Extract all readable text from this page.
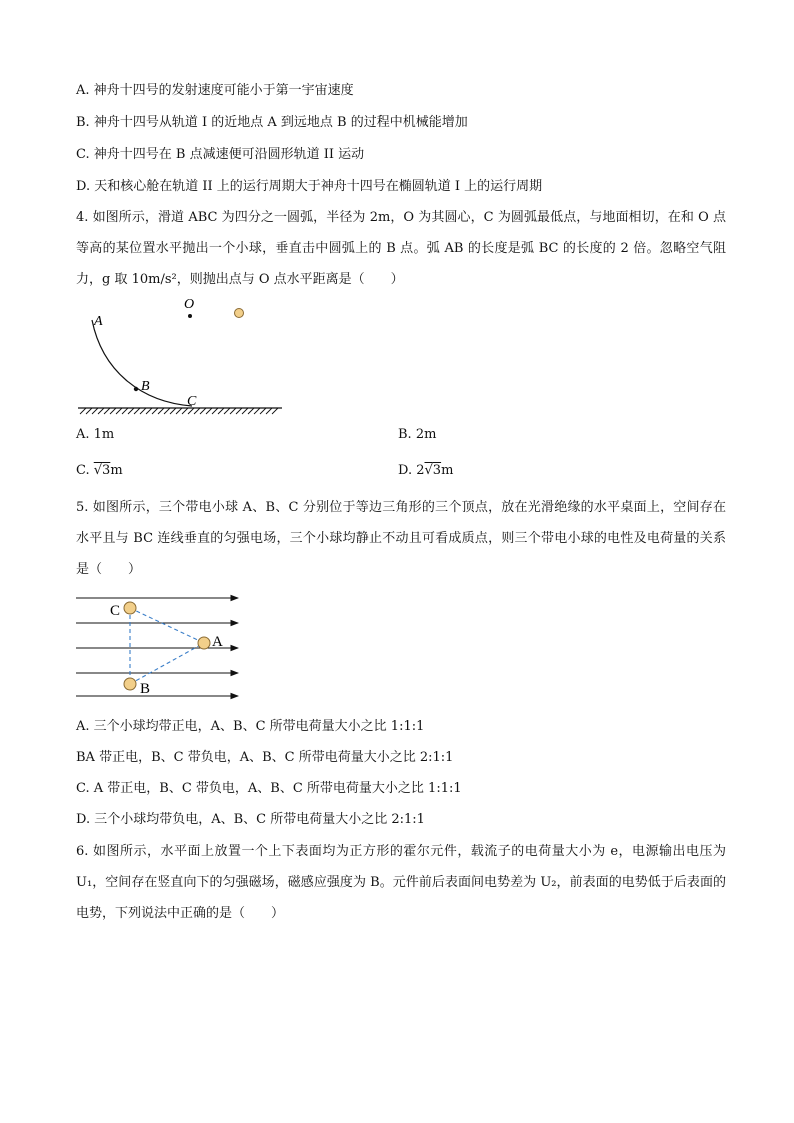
A. 神舟十四号的发射速度可能小于第一宇宙速度
B. 神舟十四号从轨道 I 的近地点 A 到远地点 B 的过程中机械能增加
C. 神舟十四号在 B 点减速便可沿圆形轨道 II 运动
D. 天和核心舱在轨道 II 上的运行周期大于神舟十四号在椭圆轨道 I 上的运行周期
4. 如图所示，滑道 ABC 为四分之一圆弧，半径为 2m，O 为其圆心，C 为圆弧最低点，与地面相切，在和 O 点等高的某位置水平抛出一个小球，垂直击中圆弧上的 B 点。弧 AB 的长度是弧 BC 的长度的 2 倍。忽略空气阻力，g 取 10m/s²，则抛出点与 O 点水平距离是（　　）
A
O
B
C
A. 1m	B. 2m
C. √3m	D. 2√3m
5. 如图所示，三个带电小球 A、B、C 分别位于等边三角形的三个顶点，放在光滑绝缘的水平桌面上，空间存在水平且与 BC 连线垂直的匀强电场，三个小球均静止不动且可看成质点，则三个带电小球的电性及电荷量的关系是（　　）
C
A
B
A. 三个小球均带正电，A、B、C 所带电荷量大小之比 1:1:1
BA 带正电，B、C 带负电，A、B、C 所带电荷量大小之比 2:1:1
C. A 带正电，B、C 带负电，A、B、C 所带电荷量大小之比 1:1:1
D. 三个小球均带负电，A、B、C 所带电荷量大小之比 2:1:1
6. 如图所示，水平面上放置一个上下表面均为正方形的霍尔元件，载流子的电荷量大小为 e，电源输出电压为 U₁，空间存在竖直向下的匀强磁场，磁感应强度为 B。元件前后表面间电势差为 U₂，前表面的电势低于后表面的电势，下列说法中正确的是（　　）
